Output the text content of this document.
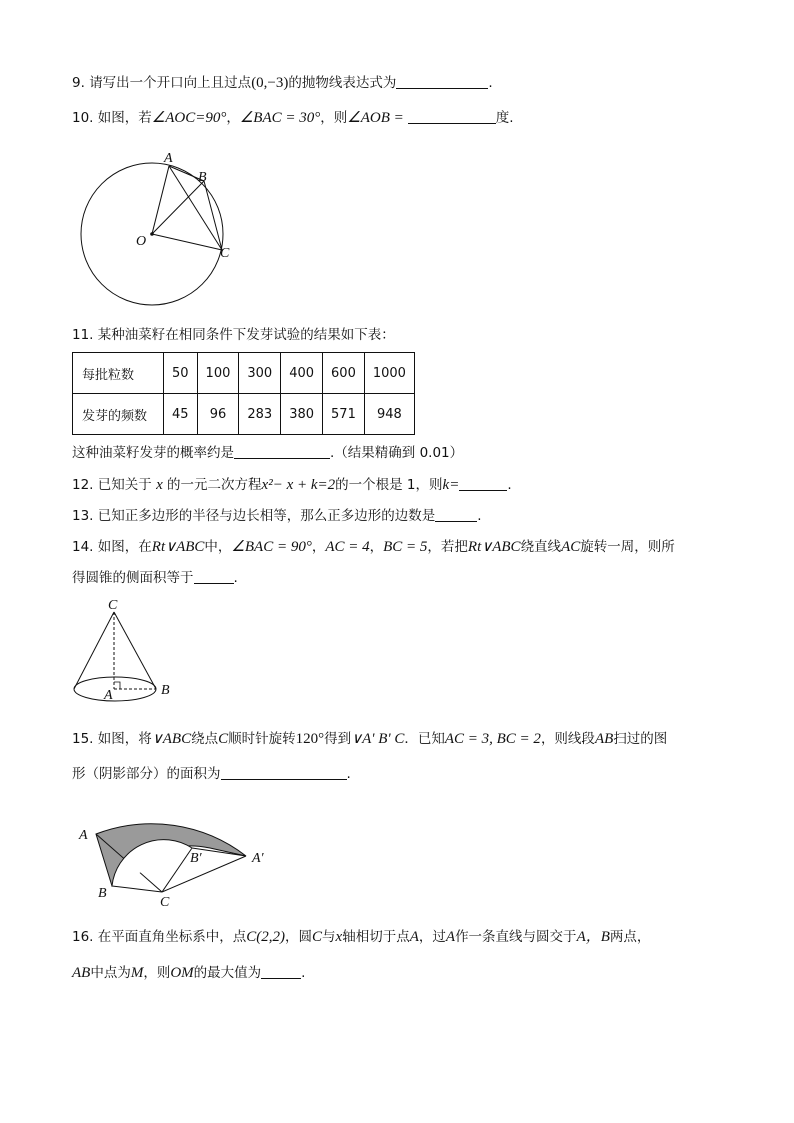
9. 请写出一个开口向上且过点(0,−3)的抛物线表达式为	.
10. 如图，若∠AOC=90°，∠BAC = 30°，则∠AOB =	度.
A
B
O
C
11. 某种油菜籽在相同条件下发芽试验的结果如下表：
每批粒数	50	100	300	400	600	1000
发芽的频数	45	96	283	380	571	948
这种油菜籽发芽的概率约是	.（结果精确到 0.01）
12. 已知关于 x 的一元二次方程x²− x + k=2的一个根是 1，则k=	.
13. 已知正多边形的半径与边长相等，那么正多边形的边数是	.
14. 如图，在Rt∨ABC中，∠BAC = 90°，AC = 4，BC = 5，若把Rt∨ABC绕直线AC旋转一周，则所
得圆锥的侧面积等于	.
C
A	B
15. 如图，将∨ABC绕点C顺时针旋转120°得到∨A' B' C．已知AC = 3, BC = 2，则线段AB扫过的图
形（阴影部分）的面积为	.
A
B
C
B′	A′
16. 在平面直角坐标系中，点C(2,2)，圆C与x轴相切于点A，过A作一条直线与圆交于A，B两点，
AB中点为M，则OM的最大值为	.
